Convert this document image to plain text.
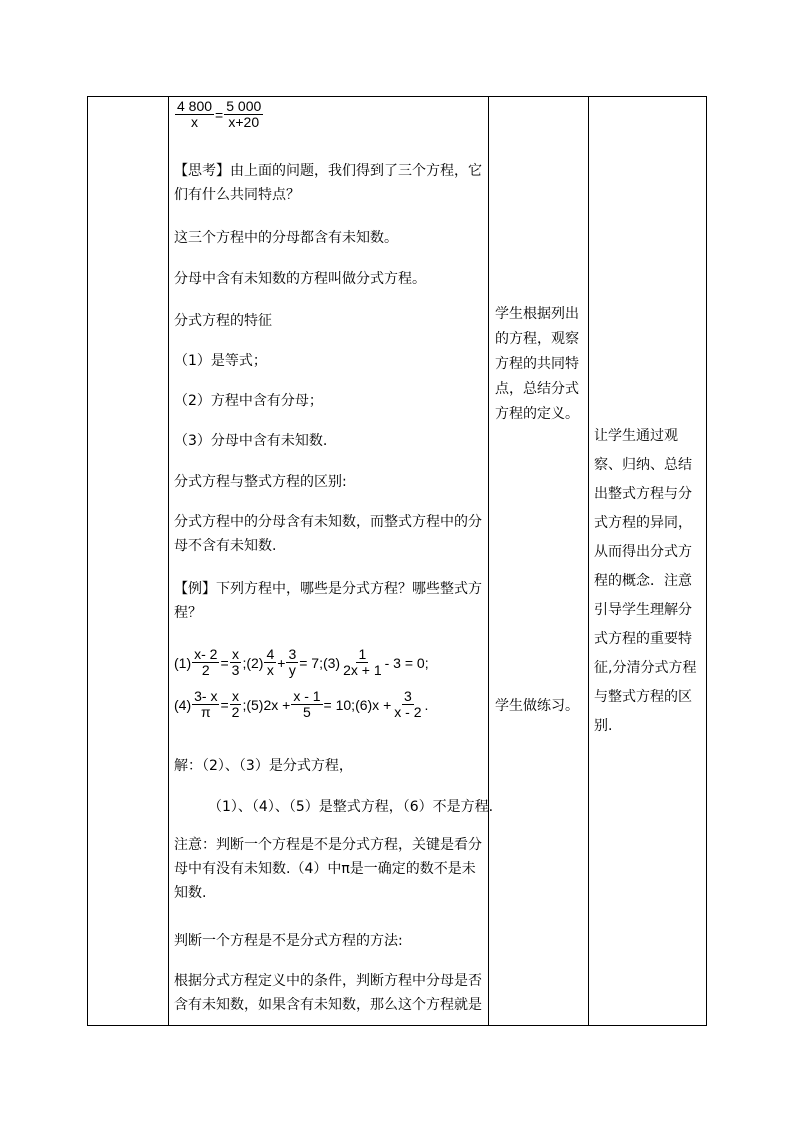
$\frac{4 800}{x} = \frac{5 000}{x+20}$
【思考】由上面的问题，我们得到了三个方程，它们有什么共同特点？
这三个方程中的分母都含有未知数。
分母中含有未知数的方程叫做分式方程。
分式方程的特征
（1）是等式；
（2）方程中含有分母；
（3）分母中含有未知数.
分式方程与整式方程的区别:
分式方程中的分母含有未知数，而整式方程中的分母不含有未知数.
【例】下列方程中，哪些是分式方程？哪些整式方程？
$(1) \frac{x- 2}{2} = \frac{x}{3}$ ;(2) $\frac{4}{x} + \frac{3}{y}$ = 7;(3) $\frac{1}{2x + 1} - 3 = 0$;
$(4) \frac{3- x}{\pi} = \frac{x}{2}$ ;(5)2x + $\frac{x - 1}{5}$ = 10;(6)x + $\frac{3}{x - 2}$ .
解：（2）、（3）是分式方程，
（1）、（4）、（5）是整式方程，（6）不是方程.
注意：判断一个方程是不是分式方程，关键是看分母中有没有未知数.（4）中π是一确定的数不是未知数.
判断一个方程是不是分式方程的方法:
根据分式方程定义中的条件，判断方程中分母是否含有未知数，如果含有未知数，那么这个方程就是
学生根据列出的方程，观察方程的共同特点，总结分式方程的定义。
学生做练习。
让学生通过观察、归纳、总结出整式方程与分式方程的异同，从而得出分式方程的概念．注意引导学生理解分式方程的重要特征,分清分式方程与整式方程的区别.
